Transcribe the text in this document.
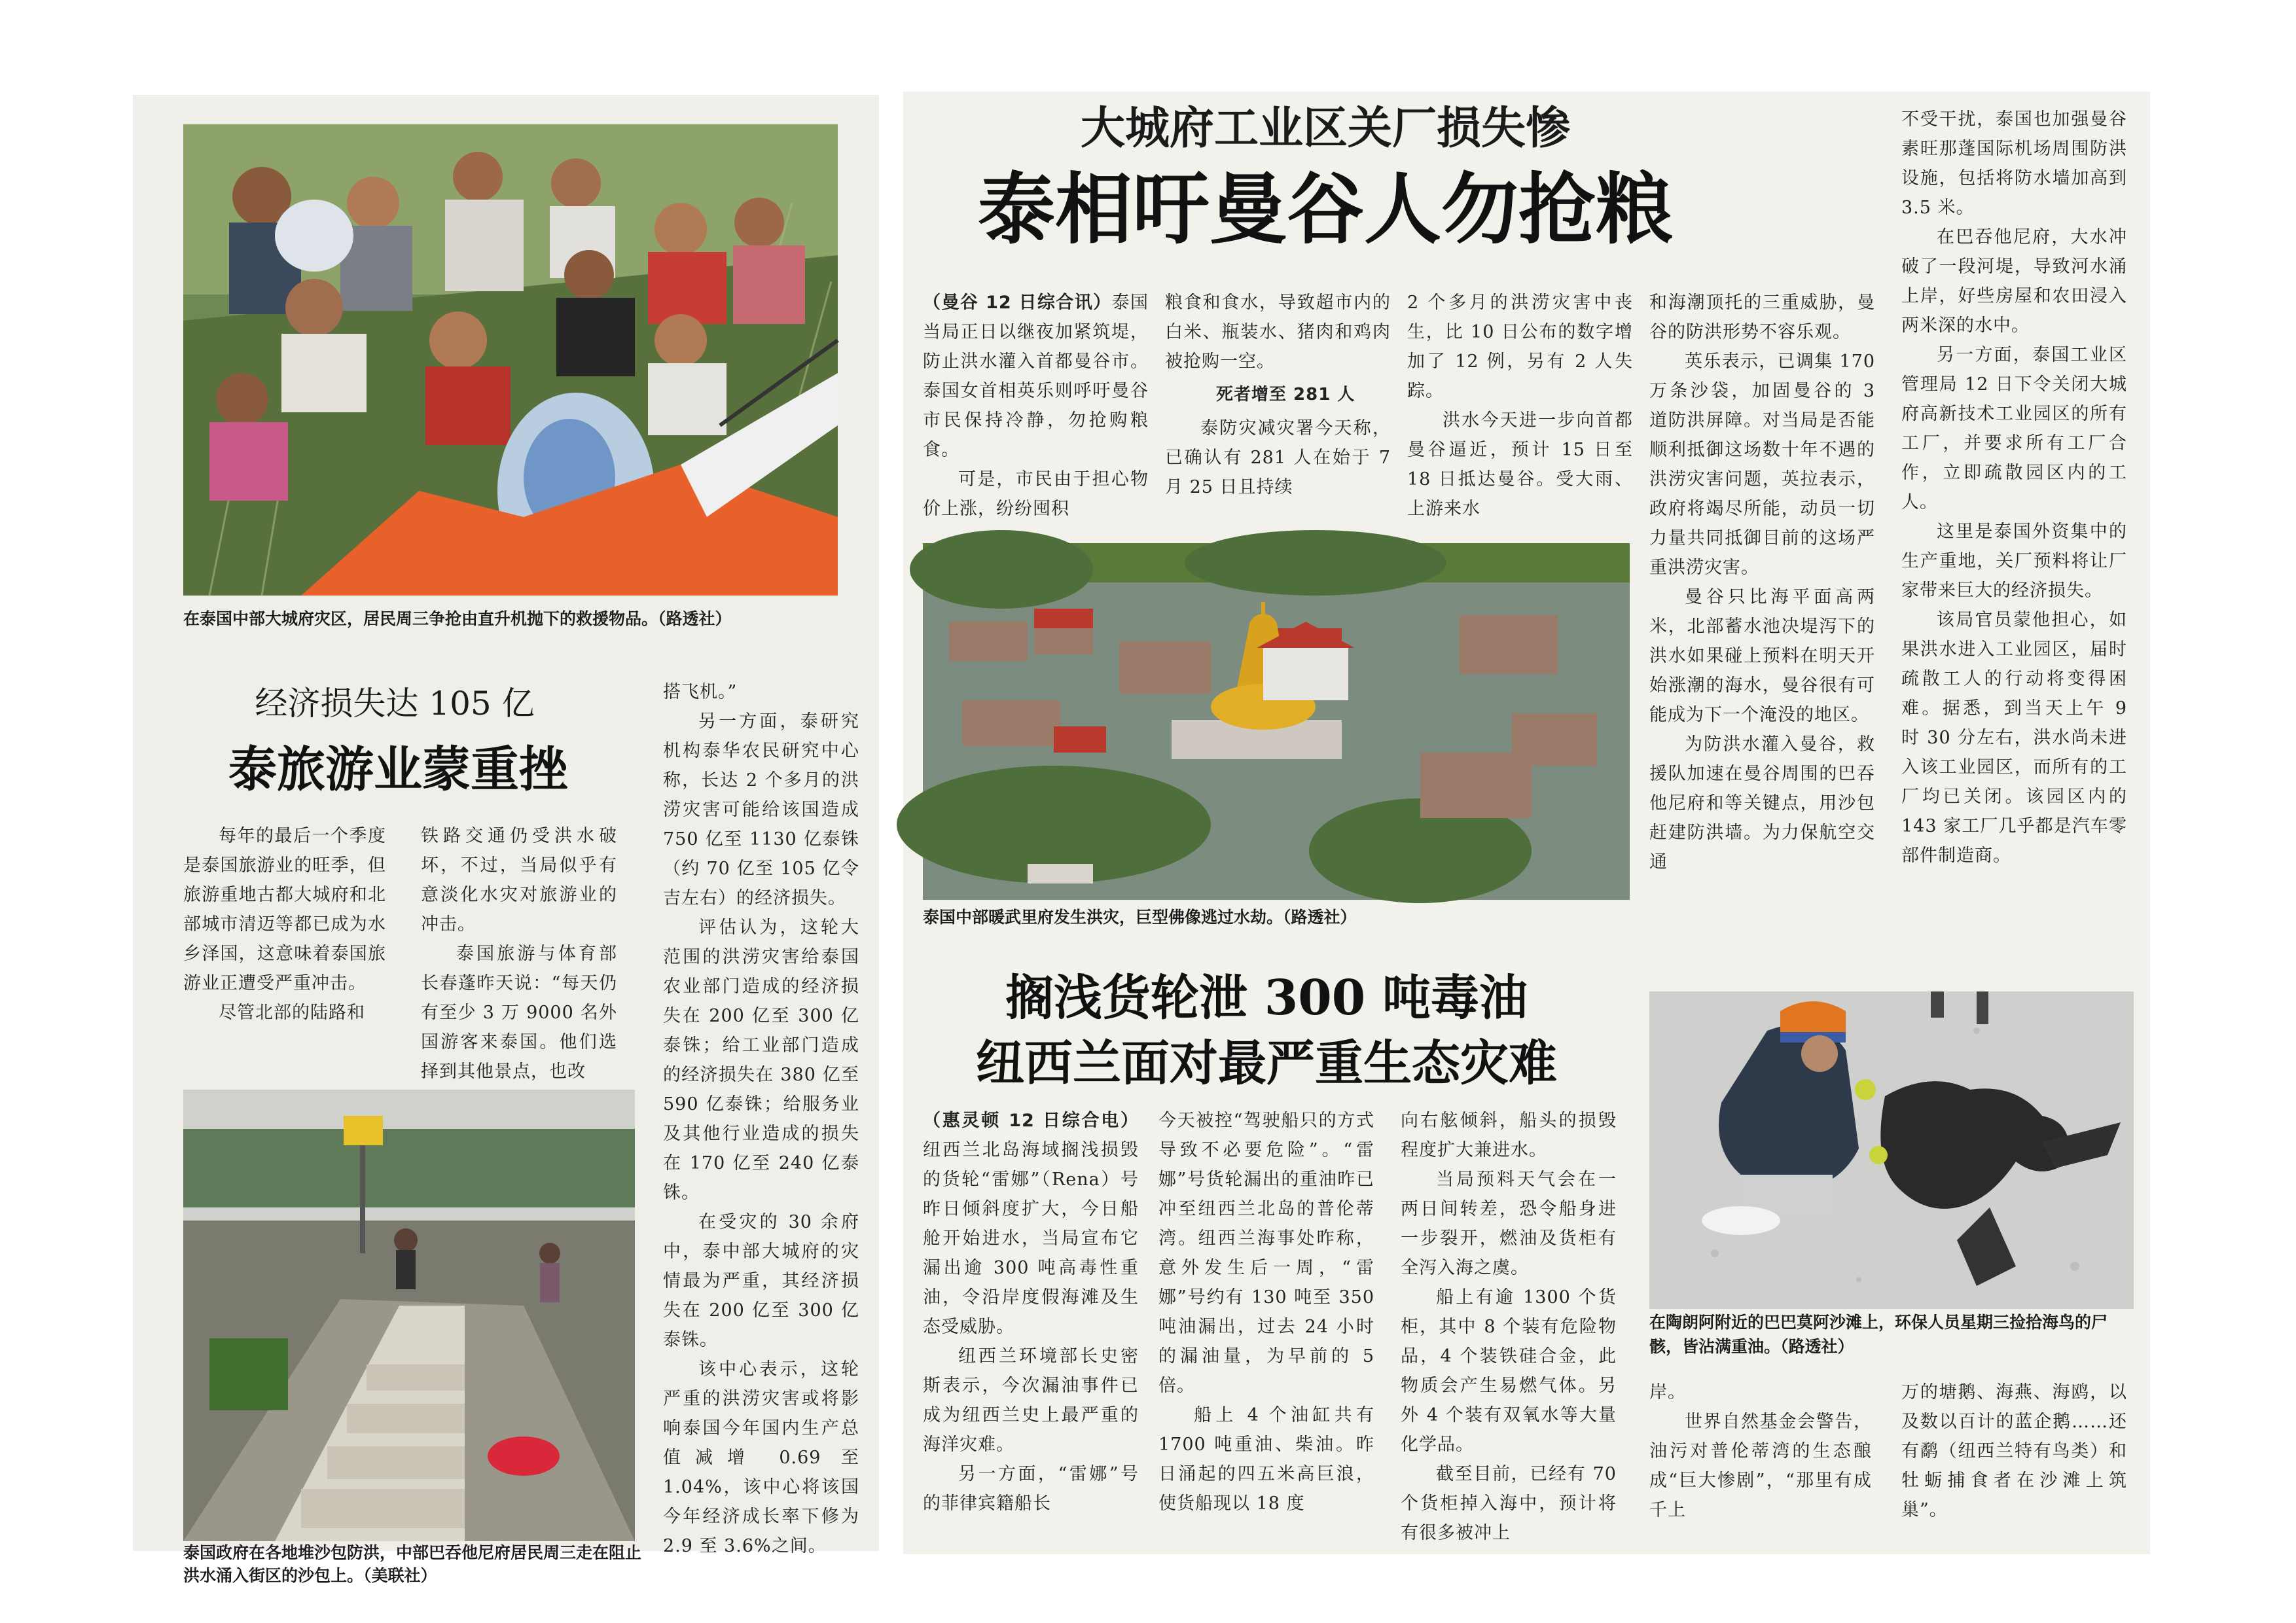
在泰国中部大城府灾区，居民周三争抢由直升机抛下的救援物品。（路透社）
经济损失达 105 亿
泰旅游业蒙重挫

每年的最后一个季度是泰国旅游业的旺季，但旅游重地古都大城府和北部城市清迈等都已成为水乡泽国，这意味着泰国旅游业正遭受严重冲击。

尽管北部的陆路和

铁路交通仍受洪水破坏，不过，当局似乎有意淡化水灾对旅游业的冲击。

泰国旅游与体育部长春蓬昨天说：“每天仍有至少 3 万 9000 名外国游客来泰国。他们选择到其他景点，也改

搭飞机。”

另一方面，泰研究机构泰华农民研究中心称，长达 2 个多月的洪涝灾害可能给该国造成 750 亿至 1130 亿泰铢（约 70 亿至 105 亿令吉左右）的经济损失。

评估认为，这轮大范围的洪涝灾害给泰国农业部门造成的经济损失在 200 亿至 300 亿泰铢；给工业部门造成的经济损失在 380 亿至 590 亿泰铢；给服务业及其他行业造成的损失在 170 亿至 240 亿泰铢。

在受灾的 30 余府中，泰中部大城府的灾情最为严重，其经济损失在 200 亿至 300 亿泰铢。

该中心表示，这轮严重的洪涝灾害或将影响泰国今年国内生产总值减增 0.69 至 1.04%，该中心将该国今年经济成长率下修为 2.9 至 3.6%之间。

泰国政府在各地堆沙包防洪，中部巴吞他尼府居民周三走在阻止洪水涌入街区的沙包上。（美联社）
大城府工业区关厂损失惨
泰相吁曼谷人勿抢粮

（曼谷 12 日综合讯）泰国当局正日以继夜加紧筑堤，防止洪水灌入首都曼谷市。泰国女首相英乐则呼吁曼谷市民保持冷静，勿抢购粮食。

可是，市民由于担心物价上涨，纷纷囤积

粮食和食水，导致超市内的白米、瓶装水、猪肉和鸡肉被抢购一空。

死者增至 281 人

泰防灾减灾署今天称，已确认有 281 人在始于 7 月 25 日且持续

2 个多月的洪涝灾害中丧生，比 10 日公布的数字增加了 12 例，另有 2 人失踪。

洪水今天进一步向首都曼谷逼近，预计 15 日至 18 日抵达曼谷。受大雨、上游来水

和海潮顶托的三重威胁，曼谷的防洪形势不容乐观。

英乐表示，已调集 170 万条沙袋，加固曼谷的 3 道防洪屏障。对当局是否能顺利抵御这场数十年不遇的洪涝灾害问题，英拉表示，政府将竭尽所能，动员一切力量共同抵御目前的这场严重洪涝灾害。

曼谷只比海平面高两米，北部蓄水池决堤泻下的洪水如果碰上预料在明天开始涨潮的海水，曼谷很有可能成为下一个淹没的地区。

为防洪水灌入曼谷，救援队加速在曼谷周围的巴吞他尼府和等关键点，用沙包赶建防洪墙。为力保航空交通

不受干扰，泰国也加强曼谷素旺那蓬国际机场周围防洪设施，包括将防水墙加高到 3.5 米。

在巴吞他尼府，大水冲破了一段河堤，导致河水涌上岸，好些房屋和农田浸入两米深的水中。

另一方面，泰国工业区管理局 12 日下令关闭大城府高新技术工业园区的所有工厂，并要求所有工厂合作，立即疏散园区内的工人。

这里是泰国外资集中的生产重地，关厂预料将让厂家带来巨大的经济损失。

该局官员蒙他担心，如果洪水进入工业园区，届时疏散工人的行动将变得困难。据悉，到当天上午 9 时 30 分左右，洪水尚未进入该工业园区，而所有的工厂均已关闭。该园区内的 143 家工厂几乎都是汽车零部件制造商。

泰国中部暖武里府发生洪灾，巨型佛像逃过水劫。（路透社）
搁浅货轮泄 300 吨毒油
纽西兰面对最严重生态灾难

（惠灵顿 12 日综合电）纽西兰北岛海域搁浅损毁的货轮“雷娜”（Rena）号昨日倾斜度扩大，今日船舱开始进水，当局宣布它漏出逾 300 吨高毒性重油，令沿岸度假海滩及生态受威胁。

纽西兰环境部长史密斯表示，今次漏油事件已成为纽西兰史上最严重的海洋灾难。

另一方面，“雷娜”号的菲律宾籍船长

今天被控“驾驶船只的方式导致不必要危险”。“雷娜”号货轮漏出的重油昨已冲至纽西兰北岛的普伦蒂湾。纽西兰海事处昨称，意外发生后一周，“雷娜”号约有 130 吨至 350 吨油漏出，过去 24 小时的漏油量，为早前的 5 倍。

船上 4 个油缸共有 1700 吨重油、柴油。昨日涌起的四五米高巨浪，使货船现以 18 度

向右舷倾斜，船头的损毁程度扩大兼进水。

当局预料天气会在一两日间转差，恐令船身进一步裂开，燃油及货柜有全泻入海之虞。

船上有逾 1300 个货柜，其中 8 个装有危险物品，4 个装铁硅合金，此物质会产生易燃气体。另外 4 个装有双氧水等大量化学品。

截至目前，已经有 70 个货柜掉入海中，预计将有很多被冲上

在陶朗阿附近的巴巴莫阿沙滩上，环保人员星期三捡拾海鸟的尸骸，皆沾满重油。（路透社）

岸。

世界自然基金会警告，油污对普伦蒂湾的生态酿成“巨大惨剧”，“那里有成千上

万的塘鹅、海燕、海鸥，以及数以百计的蓝企鹅……还有鹬（纽西兰特有鸟类）和牡蛎捕食者在沙滩上筑巢”。
